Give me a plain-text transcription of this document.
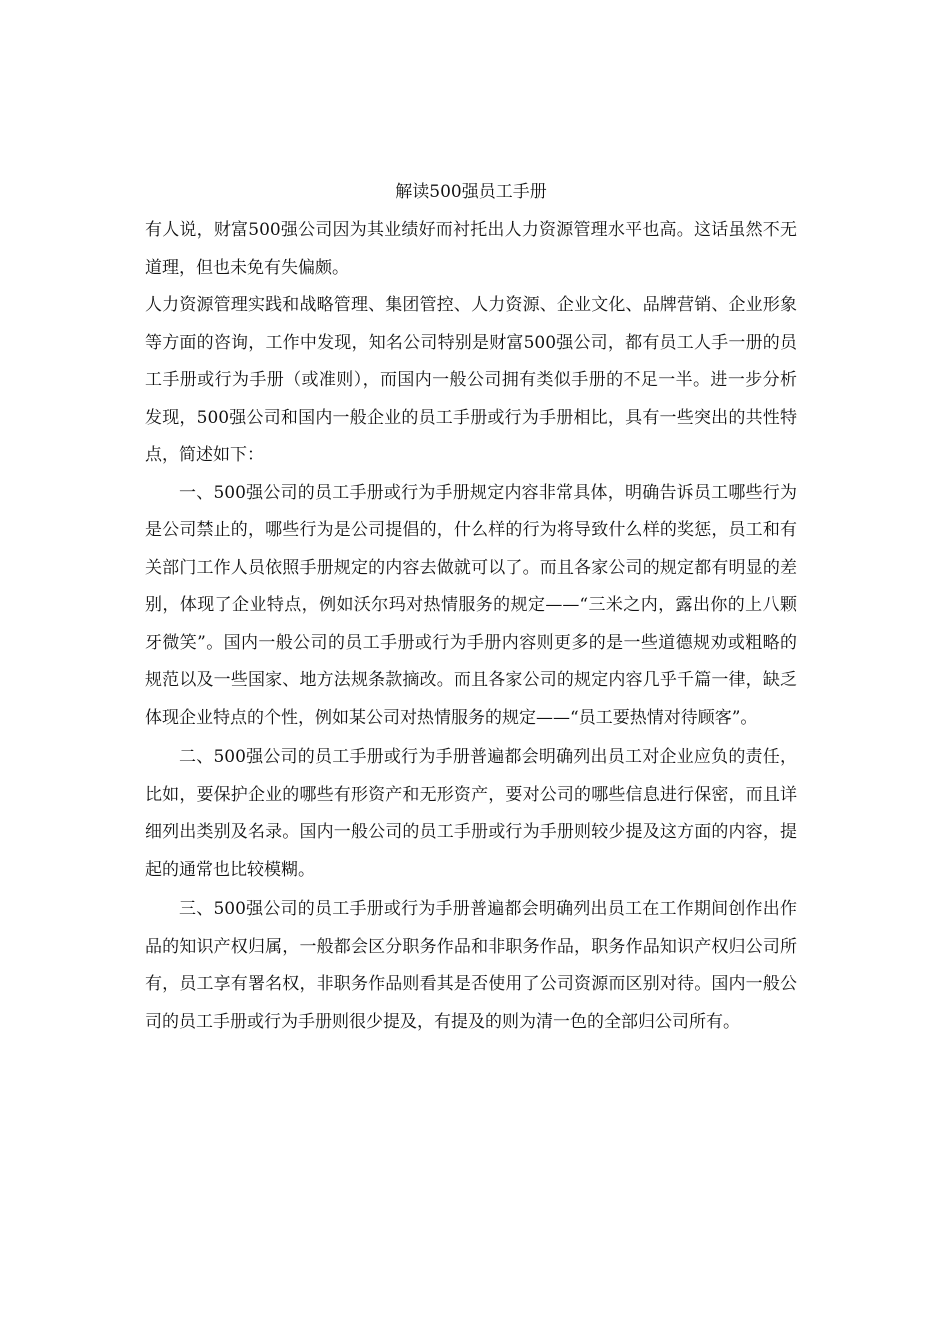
解读500强员工手册

有人说，财富500强公司因为其业绩好而衬托出人力资源管理水平也高。这话虽然不无道理，但也未免有失偏颇。

人力资源管理实践和战略管理、集团管控、人力资源、企业文化、品牌营销、企业形象等方面的咨询，工作中发现，知名公司特别是财富500强公司，都有员工人手一册的员工手册或行为手册（或准则），而国内一般公司拥有类似手册的不足一半。进一步分析发现，500强公司和国内一般企业的员工手册或行为手册相比，具有一些突出的共性特点，简述如下：

一、500强公司的员工手册或行为手册规定内容非常具体，明确告诉员工哪些行为是公司禁止的，哪些行为是公司提倡的，什么样的行为将导致什么样的奖惩，员工和有关部门工作人员依照手册规定的内容去做就可以了。而且各家公司的规定都有明显的差别，体现了企业特点，例如沃尔玛对热情服务的规定——“三米之内，露出你的上八颗牙微笑”。国内一般公司的员工手册或行为手册内容则更多的是一些道德规劝或粗略的规范以及一些国家、地方法规条款摘改。而且各家公司的规定内容几乎千篇一律，缺乏体现企业特点的个性，例如某公司对热情服务的规定——“员工要热情对待顾客”。

二、500强公司的员工手册或行为手册普遍都会明确列出员工对企业应负的责任，比如，要保护企业的哪些有形资产和无形资产，要对公司的哪些信息进行保密，而且详细列出类别及名录。国内一般公司的员工手册或行为手册则较少提及这方面的内容，提起的通常也比较模糊。

三、500强公司的员工手册或行为手册普遍都会明确列出员工在工作期间创作出作品的知识产权归属，一般都会区分职务作品和非职务作品，职务作品知识产权归公司所有，员工享有署名权，非职务作品则看其是否使用了公司资源而区别对待。国内一般公司的员工手册或行为手册则很少提及，有提及的则为清一色的全部归公司所有。
